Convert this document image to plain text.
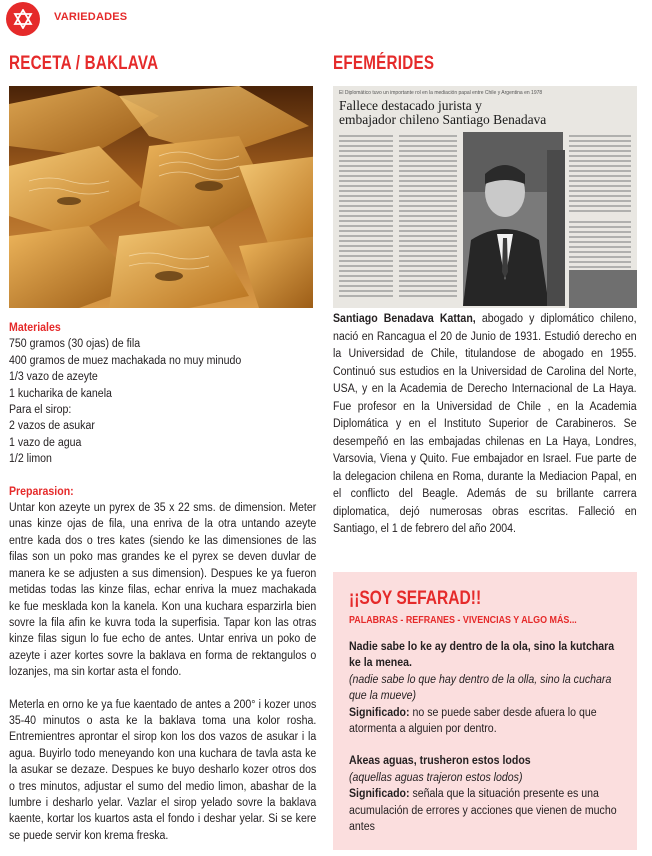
VARIEDADES
RECETA / BAKLAVA
Materiales
750 gramos (30 ojas) de fila
400 gramos de muez machakada no muy minudo
1/3 vazo de azeyte
1 kucharika de kanela
Para el sirop:
2 vazos de asukar
1 vazo de agua
1/2 limon
Preparasion:
Untar kon azeyte un pyrex de 35 x 22 sms. de dimension. Meter unas kinze ojas de fila, una enriva de la otra untando azeyte entre kada dos o tres kates (siendo ke las dimensiones de las filas son un poko mas grandes ke el pyrex se deven duvlar de manera ke se adjusten a sus dimension). Despues ke ya fueron metidas todas las kinze filas, echar enriva la muez machakada ke fue mesklada kon la kanela. Kon una kuchara esparzirla bien sovre la fila afin ke kuvra toda la superfisia. Tapar kon las otras kinze filas sigun lo fue echo de antes. Untar enriva un poko de azeyte i azer kortes sovre la baklava en forma de rektangulos o lozanjes, ma sin kortar asta el fondo.
Meterla en orno ke ya fue kaentado de antes a 200° i kozer unos 35-40 minutos o asta ke la baklava toma una kolor rosha. Entremientres aprontar el sirop kon los dos vazos de asukar i la agua. Buyirlo todo meneyando kon una kuchara de tavla asta ke la asukar se dezaze. Despues ke buyo desharlo kozer otros dos o tres minutos, adjustar el sumo del medio limon, abashar de la lumbre i desharlo yelar. Vazlar el sirop yelado sovre la baklava kaente, kortar los kuartos asta el fondo i deshar yelar. Si se kere se puede servir kon krema freska.
EFEMÉRIDES
El Diplomático tuvo un importante rol en la mediación papal entre Chile y Argentina en 1978
Fallece destacado jurista y
embajador chileno Santiago Benadava
Santiago Benadava Kattan, abogado y diplomático chileno, nació en Rancagua el 20 de Junio de 1931. Estudió derecho en la Universidad de Chile, titulandose de abogado en 1955. Continuó sus estudios en la Universidad de Carolina del Norte, USA, y en la Academia de Derecho Internacional de La Haya. Fue profesor en la Universidad de Chile , en la Academia Diplomática y en el Instituto Superior de Carabineros. Se desempeñó en las embajadas chilenas en La Haya, Londres, Varsovia, Viena y Quito. Fue embajador en Israel. Fue parte de la delegacion chilena en Roma, durante la Mediacion Papal, en el conflicto del Beagle. Además de su brillante carrera diplomatica, dejó numerosas obras escritas. Falleció en Santiago, el 1 de febrero del año 2004.
¡¡SOY SEFARAD!!
PALABRAS - REFRANES - VIVENCIAS Y ALGO MÁS...
Nadie sabe lo ke ay dentro de la ola, sino la kutchara ke la menea.
(nadie sabe lo que hay dentro de la olla, sino la cuchara que la mueve)
Significado: no se puede saber desde afuera lo que atormenta a alguien por dentro.
Akeas aguas, trusheron estos lodos
(aquellas aguas trajeron estos lodos)
Significado: señala que la situación presente es una acumulación de errores y acciones que vienen de mucho antes
